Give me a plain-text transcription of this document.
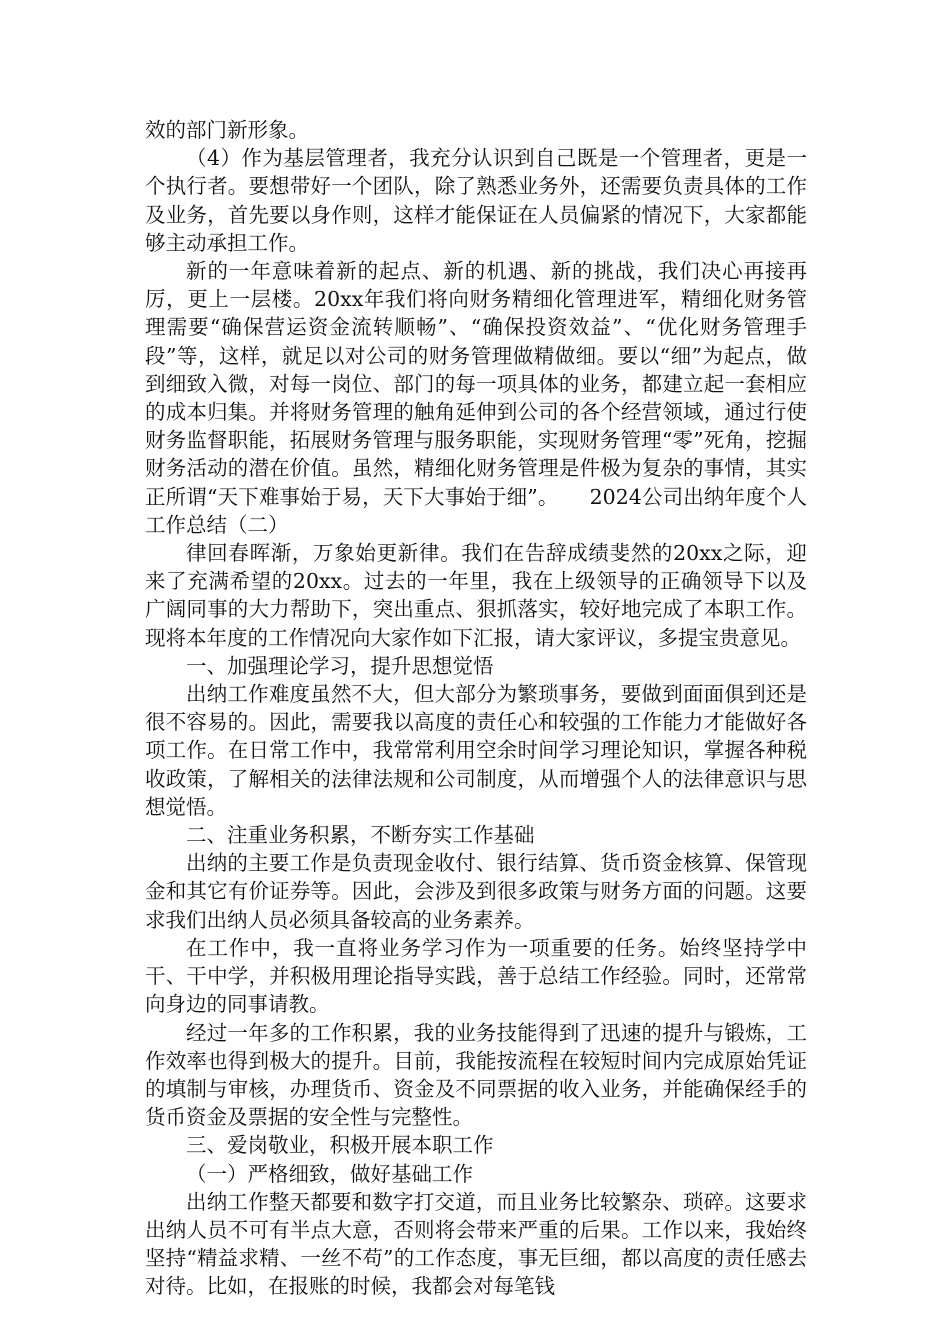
效的部门新形象。

（4）作为基层管理者，我充分认识到自己既是一个管理者，更是一个执行者。要想带好一个团队，除了熟悉业务外，还需要负责具体的工作及业务，首先要以身作则，这样才能保证在人员偏紧的情况下，大家都能够主动承担工作。

新的一年意味着新的起点、新的机遇、新的挑战，我们决心再接再厉，更上一层楼。20xx年我们将向财务精细化管理进军，精细化财务管理需要“确保营运资金流转顺畅”、“确保投资效益”、“优化财务管理手段”等，这样，就足以对公司的财务管理做精做细。要以“细”为起点，做到细致入微，对每一岗位、部门的每一项具体的业务，都建立起一套相应的成本归集。并将财务管理的触角延伸到公司的各个经营领域，通过行使财务监督职能，拓展财务管理与服务职能，实现财务管理“零”死角，挖掘财务活动的潜在价值。虽然，精细化财务管理是件极为复杂的事情，其实正所谓“天下难事始于易，天下大事始于细”。　　2024公司出纳年度个人工作总结（二）

律回春晖渐，万象始更新律。我们在告辞成绩斐然的20xx之际，迎来了充满希望的20xx。过去的一年里，我在上级领导的正确领导下以及广阔同事的大力帮助下，突出重点、狠抓落实，较好地完成了本职工作。现将本年度的工作情况向大家作如下汇报，请大家评议，多提宝贵意见。

一、加强理论学习，提升思想觉悟

出纳工作难度虽然不大，但大部分为繁琐事务，要做到面面俱到还是很不容易的。因此，需要我以高度的责任心和较强的工作能力才能做好各项工作。在日常工作中，我常常利用空余时间学习理论知识，掌握各种税收政策，了解相关的法律法规和公司制度，从而增强个人的法律意识与思想觉悟。

二、注重业务积累，不断夯实工作基础

出纳的主要工作是负责现金收付、银行结算、货币资金核算、保管现金和其它有价证券等。因此，会涉及到很多政策与财务方面的问题。这要求我们出纳人员必须具备较高的业务素养。

在工作中，我一直将业务学习作为一项重要的任务。始终坚持学中干、干中学，并积极用理论指导实践，善于总结工作经验。同时，还常常向身边的同事请教。

经过一年多的工作积累，我的业务技能得到了迅速的提升与锻炼，工作效率也得到极大的提升。目前，我能按流程在较短时间内完成原始凭证的填制与审核，办理货币、资金及不同票据的收入业务，并能确保经手的货币资金及票据的安全性与完整性。

三、爱岗敬业，积极开展本职工作

（一）严格细致，做好基础工作

出纳工作整天都要和数字打交道，而且业务比较繁杂、琐碎。这要求出纳人员不可有半点大意，否则将会带来严重的后果。工作以来，我始终坚持“精益求精、一丝不苟”的工作态度，事无巨细，都以高度的责任感去对待。比如，在报账的时候，我都会对每笔钱
